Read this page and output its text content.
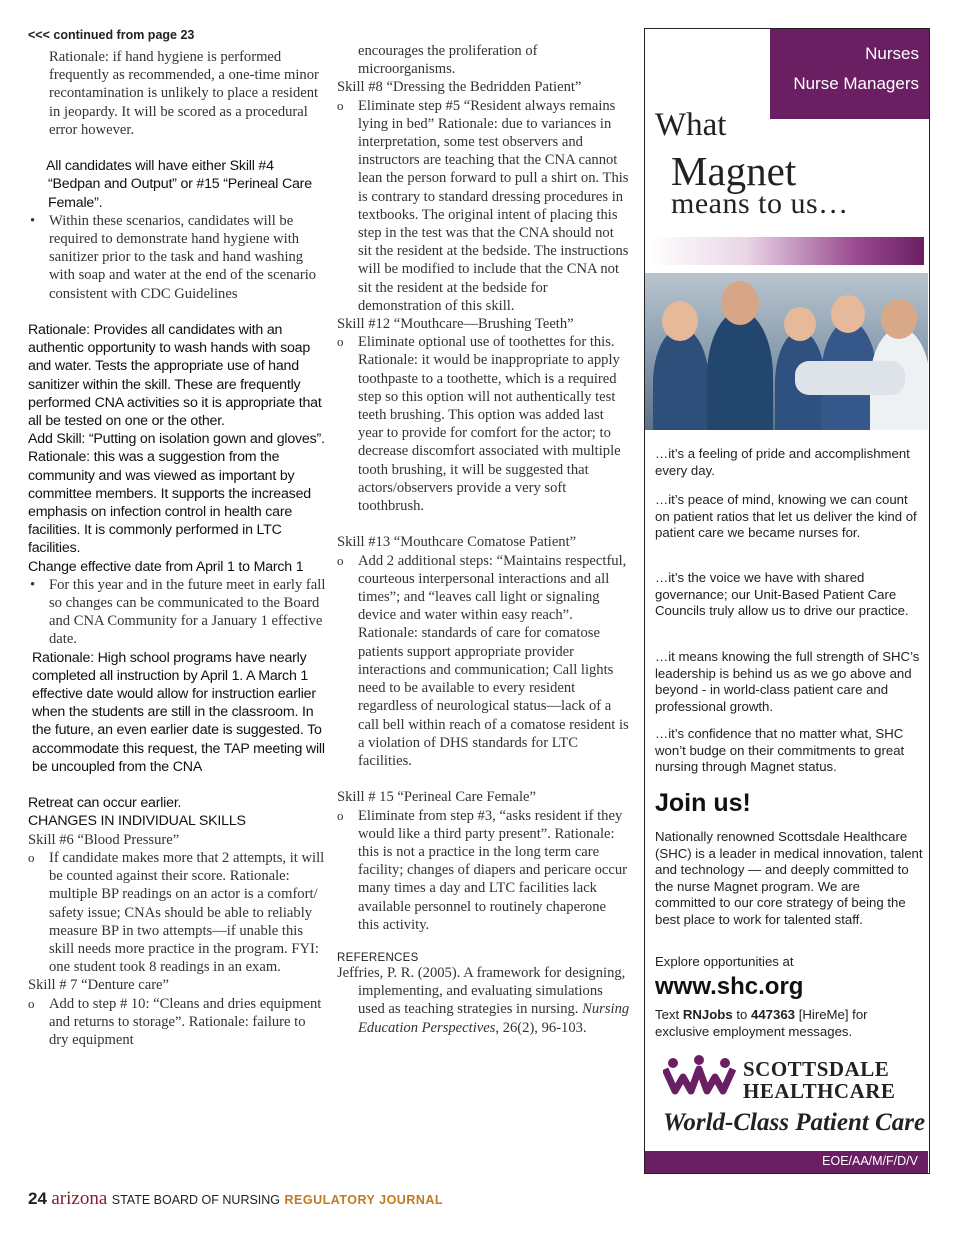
<<< continued from page 23

Rationale: if hand hygiene is performed frequently as recommended, a one-time minor recontamination is unlikely to place a resident in jeopardy. It will be scored as a procedural error however.

All candidates will have either Skill #4 “Bedpan and Output” or #15 “Perineal Care Female”.

• Within these scenarios, candidates will be required to demonstrate hand hygiene with sanitizer prior to the task and hand washing with soap and water at the end of the scenario consistent with CDC Guidelines

Rationale: Provides all candidates with an authentic opportunity to wash hands with soap and water. Tests the appropriate use of hand sanitizer within the skill. These are frequently performed CNA activities so it is appropriate that all be tested on one or the other.

Add Skill: “Putting on isolation gown and gloves”.

Rationale: this was a suggestion from the community and was viewed as important by committee members. It supports the increased emphasis on infection control in health care facilities. It is commonly performed in LTC facilities.

Change effective date from April 1 to March 1

• For this year and in the future meet in early fall so changes can be communicated to the Board and CNA Community for a January 1 effective date.

Rationale: High school programs have nearly completed all instruction by April 1. A March 1 effective date would allow for instruction earlier when the students are still in the classroom. In the future, an even earlier date is suggested. To accommodate this request, the TAP meeting will be uncoupled from the CNA

Retreat can occur earlier.

CHANGES IN INDIVIDUAL SKILLS

Skill #6 “Blood Pressure”

o If candidate makes more that 2 attempts, it will be counted against their score. Rationale: multiple BP readings on an actor is a comfort/ safety issue; CNAs should be able to reliably measure BP in two attempts—if unable this skill needs more practice in the program. FYI: one student took 8 readings in an exam.

Skill # 7 “Denture care”

o Add to step # 10: “Cleans and dries equipment and returns to storage”. Rationale: failure to dry equipment

encourages the proliferation of microorganisms.

Skill #8 “Dressing the Bedridden Patient”

o Eliminate step #5 “Resident always remains lying in bed” Rationale: due to variances in interpretation, some test observers and instructors are teaching that the CNA cannot lean the person forward to pull a shirt on. This is contrary to standard dressing procedures in textbooks. The original intent of placing this step in the test was that the CNA should not sit the resident at the bedside. The instructions will be modified to include that the CNA not sit the resident at the bedside for demonstration of this skill.

Skill #12 “Mouthcare—Brushing Teeth”

o Eliminate optional use of toothettes for this. Rationale: it would be inappropriate to apply toothpaste to a toothette, which is a required step so this option will not authentically test teeth brushing. This option was added last year to provide for comfort for the actor; to decrease discomfort associated with multiple tooth brushing, it will be suggested that actors/observers provide a very soft toothbrush.

Skill #13 “Mouthcare Comatose Patient”

o Add 2 additional steps: “Maintains respectful, courteous interpersonal interactions and all times”; and “leaves call light or signaling device and water within easy reach”. Rationale: standards of care for comatose patients support appropriate provider interactions and communication; Call lights need to be available to every resident regardless of neurological status—lack of a call bell within reach of a comatose resident is a violation of DHS standards for LTC facilities.

Skill # 15 “Perineal Care Female”

o Eliminate from step #3, “asks resident if they would like a third party present”. Rationale: this is not a practice in the long term care facility; changes of diapers and pericare occur many times a day and LTC facilities lack available personnel to routinely chaperone this activity.

REFERENCES

Jeffries, P. R. (2005). A framework for designing, implementing, and evaluating simulations used as teaching strategies in nursing. Nursing Education Perspectives, 26(2), 96-103.

Nurses
Nurse Managers
What
Magnet
means to us…
…it’s a feeling of pride and accomplishment every day.
…it’s peace of mind, knowing we can count on patient ratios that let us deliver the kind of patient care we became nurses for.
…it’s the voice we have with shared governance; our Unit-Based Patient Care Councils truly allow us to drive our practice.
…it means knowing the full strength of SHC’s leadership is behind us as we go above and beyond - in world-class patient care and professional growth.
…it’s confidence that no matter what, SHC won’t budge on their commitments to great nursing through Magnet status.
Join us!
Nationally renowned Scottsdale Healthcare (SHC) is a leader in medical innovation, talent and technology — and deeply committed to the nurse Magnet program. We are committed to our core strategy of being the best place to work for talented staff.
Explore opportunities at
www.shc.org
Text RNJobs to 447363 [HireMe] for exclusive employment messages.
SCOTTSDALE
HEALTHCARE
World-Class Patient Care
EOE/AA/M/F/D/V
24 arizona STATE BOARD OF NURSING REGULATORY JOURNAL
